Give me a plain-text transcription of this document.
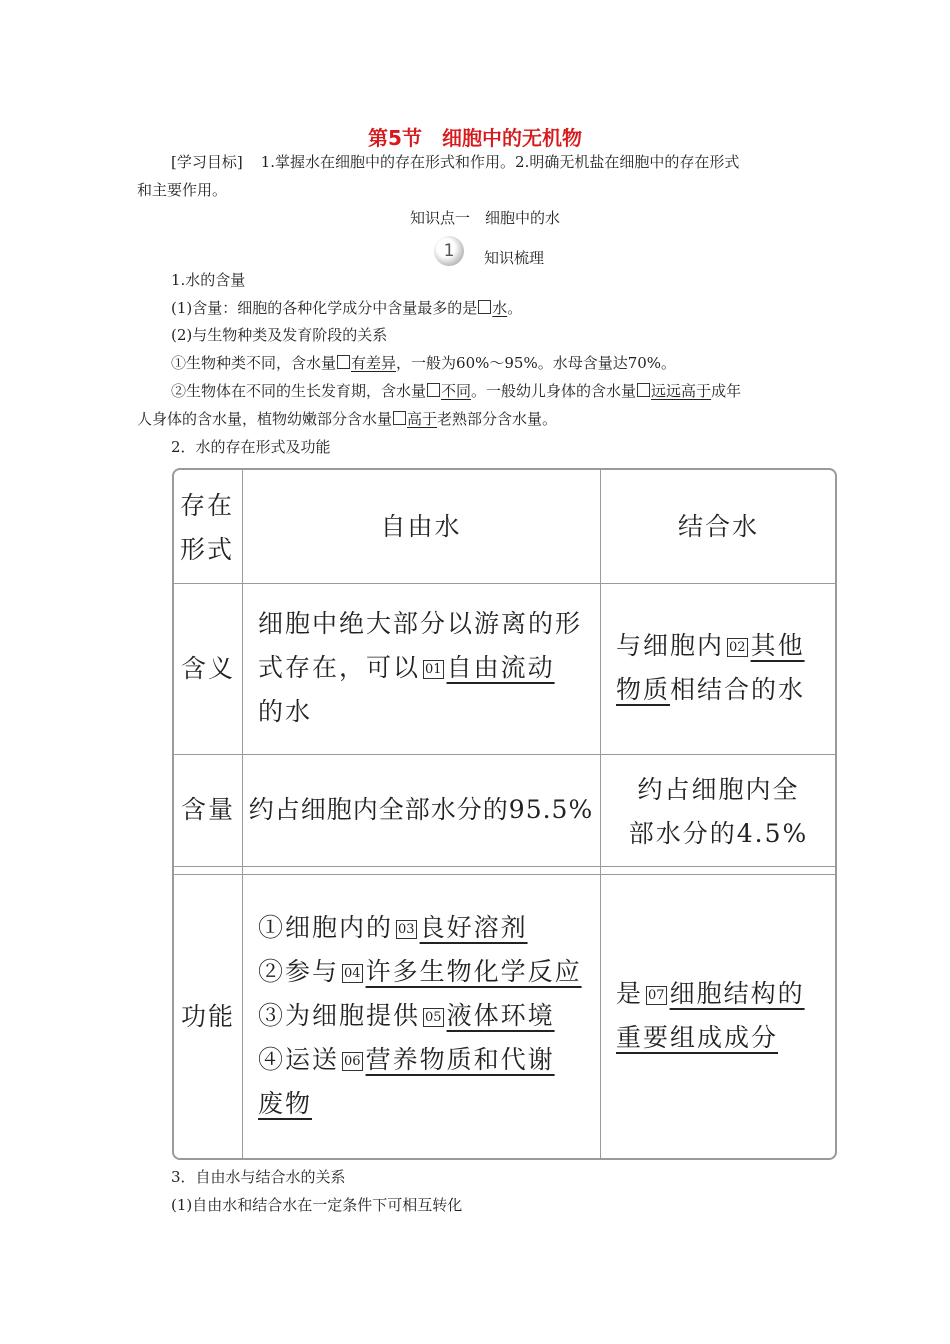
第5节　细胞中的无机物
[学习目标] 1.掌握水在细胞中的存在形式和作用。2.明确无机盐在细胞中的存在形式
和主要作用。
知识点一　细胞中的水
1 知识梳理
1.水的含量
(1)含量：细胞的各种化学成分中含量最多的是 水。
(2)与生物种类及发育阶段的关系
①生物种类不同，含水量 有差异，一般为60%～95%。水母含量达70%。
②生物体在不同的生长发育期，含水量 不同。一般幼儿身体的含水量 远远高于成年
人身体的含水量，植物幼嫩部分含水量 高于老熟部分含水量。
2．水的存在形式及功能
存在
形式
自由水	结合水
含义
细胞中绝大部分以游离的形
式存在，可以 01 自由流动
的水
与细胞内 02 其他
物质相结合的水
含量 约占细胞内全部水分的95.5%
约占细胞内全
部水分的4.5%
功能
①细胞内的 03 良好溶剂
②参与 04 许多生物化学反应
③为细胞提供 05 液体环境
④运送 06 营养物质和代谢
废物
是 07 细胞结构的
重要组成成分
3．自由水与结合水的关系
(1)自由水和结合水在一定条件下可相互转化
